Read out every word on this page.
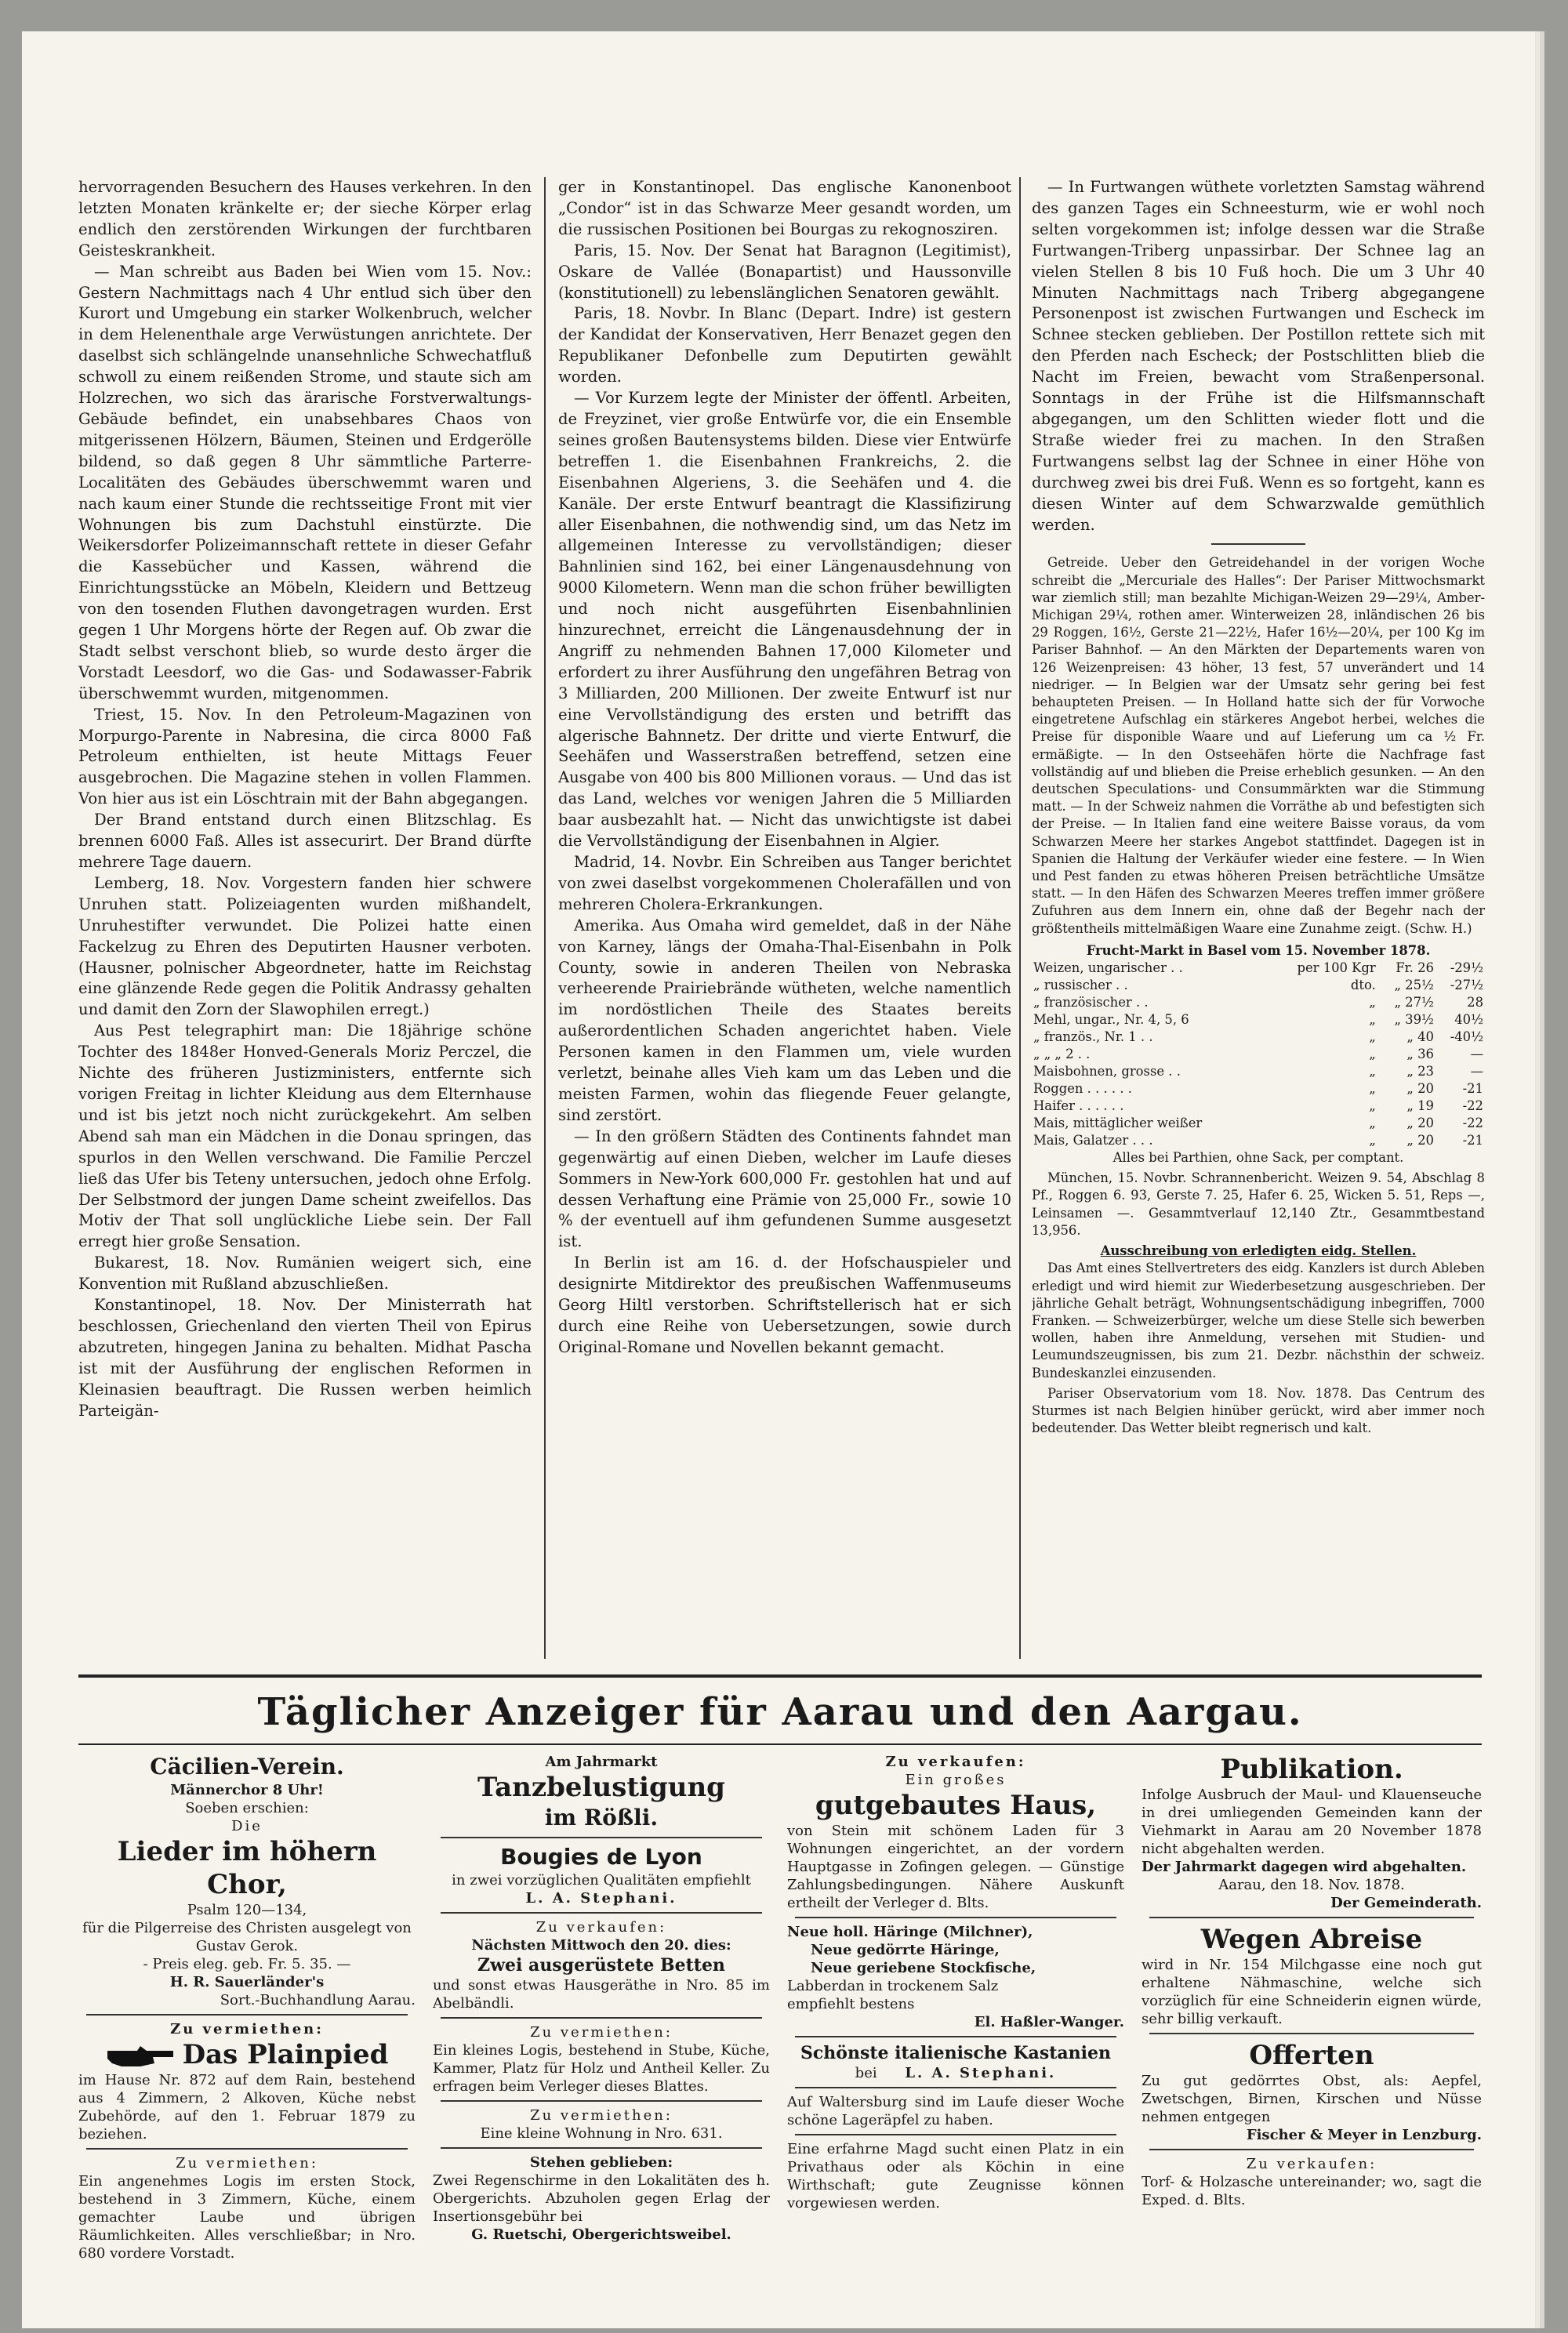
hervorragenden Besuchern des Hauses verkehren. In den letzten Monaten kränkelte er; der sieche Körper erlag endlich den zerstörenden Wirkungen der furchtbaren Geisteskrankheit.

— Man schreibt aus Baden bei Wien vom 15. Nov.: Gestern Nachmittags nach 4 Uhr entlud sich über den Kurort und Umgebung ein starker Wolkenbruch, welcher in dem Helenenthale arge Verwüstungen anrichtete. Der daselbst sich schlängelnde unansehnliche Schwechatfluß schwoll zu einem reißenden Strome, und staute sich am Holzrechen, wo sich das ärarische Forstverwaltungs-Gebäude befindet, ein unabsehbares Chaos von mitgerissenen Hölzern, Bäumen, Steinen und Erdgerölle bildend, so daß gegen 8 Uhr sämmtliche Parterre-Localitäten des Gebäudes überschwemmt waren und nach kaum einer Stunde die rechtsseitige Front mit vier Wohnungen bis zum Dachstuhl einstürzte. Die Weikersdorfer Polizeimannschaft rettete in dieser Gefahr die Kassebücher und Kassen, während die Einrichtungsstücke an Möbeln, Kleidern und Bettzeug von den tosenden Fluthen davongetragen wurden. Erst gegen 1 Uhr Morgens hörte der Regen auf. Ob zwar die Stadt selbst verschont blieb, so wurde desto ärger die Vorstadt Leesdorf, wo die Gas- und Sodawasser-Fabrik überschwemmt wurden, mitgenommen.

Triest, 15. Nov. In den Petroleum-Magazinen von Morpurgo-Parente in Nabresina, die circa 8000 Faß Petroleum enthielten, ist heute Mittags Feuer ausgebrochen. Die Magazine stehen in vollen Flammen. Von hier aus ist ein Löschtrain mit der Bahn abgegangen.

Der Brand entstand durch einen Blitzschlag. Es brennen 6000 Faß. Alles ist assecurirt. Der Brand dürfte mehrere Tage dauern.

Lemberg, 18. Nov. Vorgestern fanden hier schwere Unruhen statt. Polizeiagenten wurden mißhandelt, Unruhestifter verwundet. Die Polizei hatte einen Fackelzug zu Ehren des Deputirten Hausner verboten. (Hausner, polnischer Abgeordneter, hatte im Reichstag eine glänzende Rede gegen die Politik Andrassy gehalten und damit den Zorn der Slawophilen erregt.)

Aus Pest telegraphirt man: Die 18jährige schöne Tochter des 1848er Honved-Generals Moriz Perczel, die Nichte des früheren Justizministers, entfernte sich vorigen Freitag in lichter Kleidung aus dem Elternhause und ist bis jetzt noch nicht zurückgekehrt. Am selben Abend sah man ein Mädchen in die Donau springen, das spurlos in den Wellen verschwand. Die Familie Perczel ließ das Ufer bis Teteny untersuchen, jedoch ohne Erfolg. Der Selbstmord der jungen Dame scheint zweifellos. Das Motiv der That soll unglückliche Liebe sein. Der Fall erregt hier große Sensation.

Bukarest, 18. Nov. Rumänien weigert sich, eine Konvention mit Rußland abzuschließen.

Konstantinopel, 18. Nov. Der Ministerrath hat beschlossen, Griechenland den vierten Theil von Epirus abzutreten, hingegen Janina zu behalten. Midhat Pascha ist mit der Ausführung der englischen Reformen in Kleinasien beauftragt. Die Russen werben heimlich Parteigän-

ger in Konstantinopel. Das englische Kanonenboot „Condor“ ist in das Schwarze Meer gesandt worden, um die russischen Positionen bei Bourgas zu rekognosziren.

Paris, 15. Nov. Der Senat hat Baragnon (Legitimist), Oskare de Vallée (Bonapartist) und Haussonville (konstitutionell) zu lebenslänglichen Senatoren gewählt.

Paris, 18. Novbr. In Blanc (Depart. Indre) ist gestern der Kandidat der Konservativen, Herr Benazet gegen den Republikaner Defonbelle zum Deputirten gewählt worden.

— Vor Kurzem legte der Minister der öffentl. Arbeiten, de Freyzinet, vier große Entwürfe vor, die ein Ensemble seines großen Bautensystems bilden. Diese vier Entwürfe betreffen 1. die Eisenbahnen Frankreichs, 2. die Eisenbahnen Algeriens, 3. die Seehäfen und 4. die Kanäle. Der erste Entwurf beantragt die Klassifizirung aller Eisenbahnen, die nothwendig sind, um das Netz im allgemeinen Interesse zu vervollständigen; dieser Bahnlinien sind 162, bei einer Längenausdehnung von 9000 Kilometern. Wenn man die schon früher bewilligten und noch nicht ausgeführten Eisenbahnlinien hinzurechnet, erreicht die Längenausdehnung der in Angriff zu nehmenden Bahnen 17,000 Kilometer und erfordert zu ihrer Ausführung den ungefähren Betrag von 3 Milliarden, 200 Millionen. Der zweite Entwurf ist nur eine Vervollständigung des ersten und betrifft das algerische Bahnnetz. Der dritte und vierte Entwurf, die Seehäfen und Wasserstraßen betreffend, setzen eine Ausgabe von 400 bis 800 Millionen voraus. — Und das ist das Land, welches vor wenigen Jahren die 5 Milliarden baar ausbezahlt hat. — Nicht das unwichtigste ist dabei die Vervollständigung der Eisenbahnen in Algier.

Madrid, 14. Novbr. Ein Schreiben aus Tanger berichtet von zwei daselbst vorgekommenen Cholerafällen und von mehreren Cholera-Erkrankungen.

Amerika. Aus Omaha wird gemeldet, daß in der Nähe von Karney, längs der Omaha-Thal-Eisenbahn in Polk County, sowie in anderen Theilen von Nebraska verheerende Prairiebrände wütheten, welche namentlich im nordöstlichen Theile des Staates bereits außerordentlichen Schaden angerichtet haben. Viele Personen kamen in den Flammen um, viele wurden verletzt, beinahe alles Vieh kam um das Leben und die meisten Farmen, wohin das fliegende Feuer gelangte, sind zerstört.

— In den größern Städten des Continents fahndet man gegenwärtig auf einen Dieben, welcher im Laufe dieses Sommers in New-York 600,000 Fr. gestohlen hat und auf dessen Verhaftung eine Prämie von 25,000 Fr., sowie 10 % der eventuell auf ihm gefundenen Summe ausgesetzt ist.

In Berlin ist am 16. d. der Hofschauspieler und designirte Mitdirektor des preußischen Waffenmuseums Georg Hiltl verstorben. Schriftstellerisch hat er sich durch eine Reihe von Uebersetzungen, sowie durch Original-Romane und Novellen bekannt gemacht.

— In Furtwangen wüthete vorletzten Samstag während des ganzen Tages ein Schneesturm, wie er wohl noch selten vorgekommen ist; infolge dessen war die Straße Furtwangen-Triberg unpassirbar. Der Schnee lag an vielen Stellen 8 bis 10 Fuß hoch. Die um 3 Uhr 40 Minuten Nachmittags nach Triberg abgegangene Personenpost ist zwischen Furtwangen und Escheck im Schnee stecken geblieben. Der Postillon rettete sich mit den Pferden nach Escheck; der Postschlitten blieb die Nacht im Freien, bewacht vom Straßenpersonal. Sonntags in der Frühe ist die Hilfsmannschaft abgegangen, um den Schlitten wieder flott und die Straße wieder frei zu machen. In den Straßen Furtwangens selbst lag der Schnee in einer Höhe von durchweg zwei bis drei Fuß. Wenn es so fortgeht, kann es diesen Winter auf dem Schwarzwalde gemüthlich werden.

Getreide. Ueber den Getreidehandel in der vorigen Woche schreibt die „Mercuriale des Halles“: Der Pariser Mittwochsmarkt war ziemlich still; man bezahlte Michigan-Weizen 29—29¼, Amber-Michigan 29¼, rothen amer. Winterweizen 28, inländischen 26 bis 29 Roggen, 16½, Gerste 21—22½, Hafer 16½—20¼, per 100 Kg im Pariser Bahnhof. — An den Märkten der Departements waren von 126 Weizenpreisen: 43 höher, 13 fest, 57 unverändert und 14 niedriger. — In Belgien war der Umsatz sehr gering bei fest behaupteten Preisen. — In Holland hatte sich der für Vorwoche eingetretene Aufschlag ein stärkeres Angebot herbei, welches die Preise für disponible Waare und auf Lieferung um ca ½ Fr. ermäßigte. — In den Ostseehäfen hörte die Nachfrage fast vollständig auf und blieben die Preise erheblich gesunken. — An den deutschen Speculations- und Consummärkten war die Stimmung matt. — In der Schweiz nahmen die Vorräthe ab und befestigten sich der Preise. — In Italien fand eine weitere Baisse voraus, da vom Schwarzen Meere her starkes Angebot stattfindet. Dagegen ist in Spanien die Haltung der Verkäufer wieder eine festere. — In Wien und Pest fanden zu etwas höheren Preisen beträchtliche Umsätze statt. — In den Häfen des Schwarzen Meeres treffen immer größere Zufuhren aus dem Innern ein, ohne daß der Begehr nach der größtentheils mittelmäßigen Waare eine Zunahme zeigt. (Schw. H.)

Frucht-Markt in Basel vom 15. November 1878.

Weizen, ungarischer . .	per 100 Kgr	Fr. 26	-29½
„ russischer . .	dto.	„ 25½	-27½
„ französischer . .	„	„ 27½	28
Mehl, ungar., Nr. 4, 5, 6	„	„ 39½	40½
„ französ., Nr. 1 . .	„	„ 40	-40½
„ „ „ 2 . .	„	„ 36	—
Maisbohnen, grosse . .	„	„ 23	—
Roggen . . . . . .	„	„ 20	-21
Haifer . . . . . .	„	„ 19	-22
Mais, mittäglicher weißer	„	„ 20	-22
Mais, Galatzer . . .	„	„ 20	-21

Alles bei Parthien, ohne Sack, per comptant.

München, 15. Novbr. Schrannenbericht. Weizen 9. 54, Abschlag 8 Pf., Roggen 6. 93, Gerste 7. 25, Hafer 6. 25, Wicken 5. 51, Reps —, Leinsamen —. Gesammtverlauf 12,140 Ztr., Gesammtbestand 13,956.

Ausschreibung von erledigten eidg. Stellen.

Das Amt eines Stellvertreters des eidg. Kanzlers ist durch Ableben erledigt und wird hiemit zur Wiederbesetzung ausgeschrieben. Der jährliche Gehalt beträgt, Wohnungsentschädigung inbegriffen, 7000 Franken. — Schweizerbürger, welche um diese Stelle sich bewerben wollen, haben ihre Anmeldung, versehen mit Studien- und Leumundszeugnissen, bis zum 21. Dezbr. nächsthin der schweiz. Bundeskanzlei einzusenden.

Pariser Observatorium vom 18. Nov. 1878. Das Centrum des Sturmes ist nach Belgien hinüber gerückt, wird aber immer noch bedeutender. Das Wetter bleibt regnerisch und kalt.

Täglicher Anzeiger für Aarau und den Aargau.
Cäcilien-Verein.
Männerchor 8 Uhr!
Soeben erschien:
Die
Lieder im höhern Chor,
Psalm 120—134,
für die Pilgerreise des Christen ausgelegt von Gustav Gerok.
- Preis eleg. geb. Fr. 5. 35. —
H. R. Sauerländer's
Sort.-Buchhandlung Aarau.
Zu vermiethen:
Das Plainpied
im Hause Nr. 872 auf dem Rain, bestehend aus 4 Zimmern, 2 Alkoven, Küche nebst Zubehörde, auf den 1. Februar 1879 zu beziehen.
Zu vermiethen:
Ein angenehmes Logis im ersten Stock, bestehend in 3 Zimmern, Küche, einem gemachter Laube und übrigen Räumlichkeiten. Alles verschließbar; in Nro. 680 vordere Vorstadt.
Am Jahrmarkt
Tanzbelustigung
im Rößli.
Bougies de Lyon
in zwei vorzüglichen Qualitäten empfiehlt
L. A. Stephani.
Zu verkaufen:
Nächsten Mittwoch den 20. dies:
Zwei ausgerüstete Betten
und sonst etwas Hausgeräthe in Nro. 85 im Abelbändli.
Zu vermiethen:
Ein kleines Logis, bestehend in Stube, Küche, Kammer, Platz für Holz und Antheil Keller. Zu erfragen beim Verleger dieses Blattes.
Zu vermiethen:
Eine kleine Wohnung in Nro. 631.
Stehen geblieben:
Zwei Regenschirme in den Lokalitäten des h. Obergerichts. Abzuholen gegen Erlag der Insertionsgebühr bei
G. Ruetschi, Obergerichtsweibel.
Zu verkaufen:
Ein großes
gutgebautes Haus,
von Stein mit schönem Laden für 3 Wohnungen eingerichtet, an der vordern Hauptgasse in Zofingen gelegen. — Günstige Zahlungsbedingungen. Nähere Auskunft ertheilt der Verleger d. Blts.
Neue holl. Häringe (Milchner),
Neue gedörrte Häringe,
Neue geriebene Stockfische,
Labberdan in trockenem Salz
empfiehlt bestens
El. Haßler-Wanger.
Schönste italienische Kastanien
bei L. A. Stephani.
Auf Waltersburg sind im Laufe dieser Woche schöne Lageräpfel zu haben.
Eine erfahrne Magd sucht einen Platz in ein Privathaus oder als Köchin in eine Wirthschaft; gute Zeugnisse können vorgewiesen werden.
Publikation.
Infolge Ausbruch der Maul- und Klauenseuche in drei umliegenden Gemeinden kann der Viehmarkt in Aarau am 20 November 1878 nicht abgehalten werden.
Der Jahrmarkt dagegen wird abgehalten.
Aarau, den 18. Nov. 1878.
Der Gemeinderath.
Wegen Abreise
wird in Nr. 154 Milchgasse eine noch gut erhaltene Nähmaschine, welche sich vorzüglich für eine Schneiderin eignen würde, sehr billig verkauft.
Offerten
Zu gut gedörrtes Obst, als: Aepfel, Zwetschgen, Birnen, Kirschen und Nüsse nehmen entgegen
Fischer & Meyer in Lenzburg.
Zu verkaufen:
Torf- & Holzasche untereinander; wo, sagt die Exped. d. Blts.
